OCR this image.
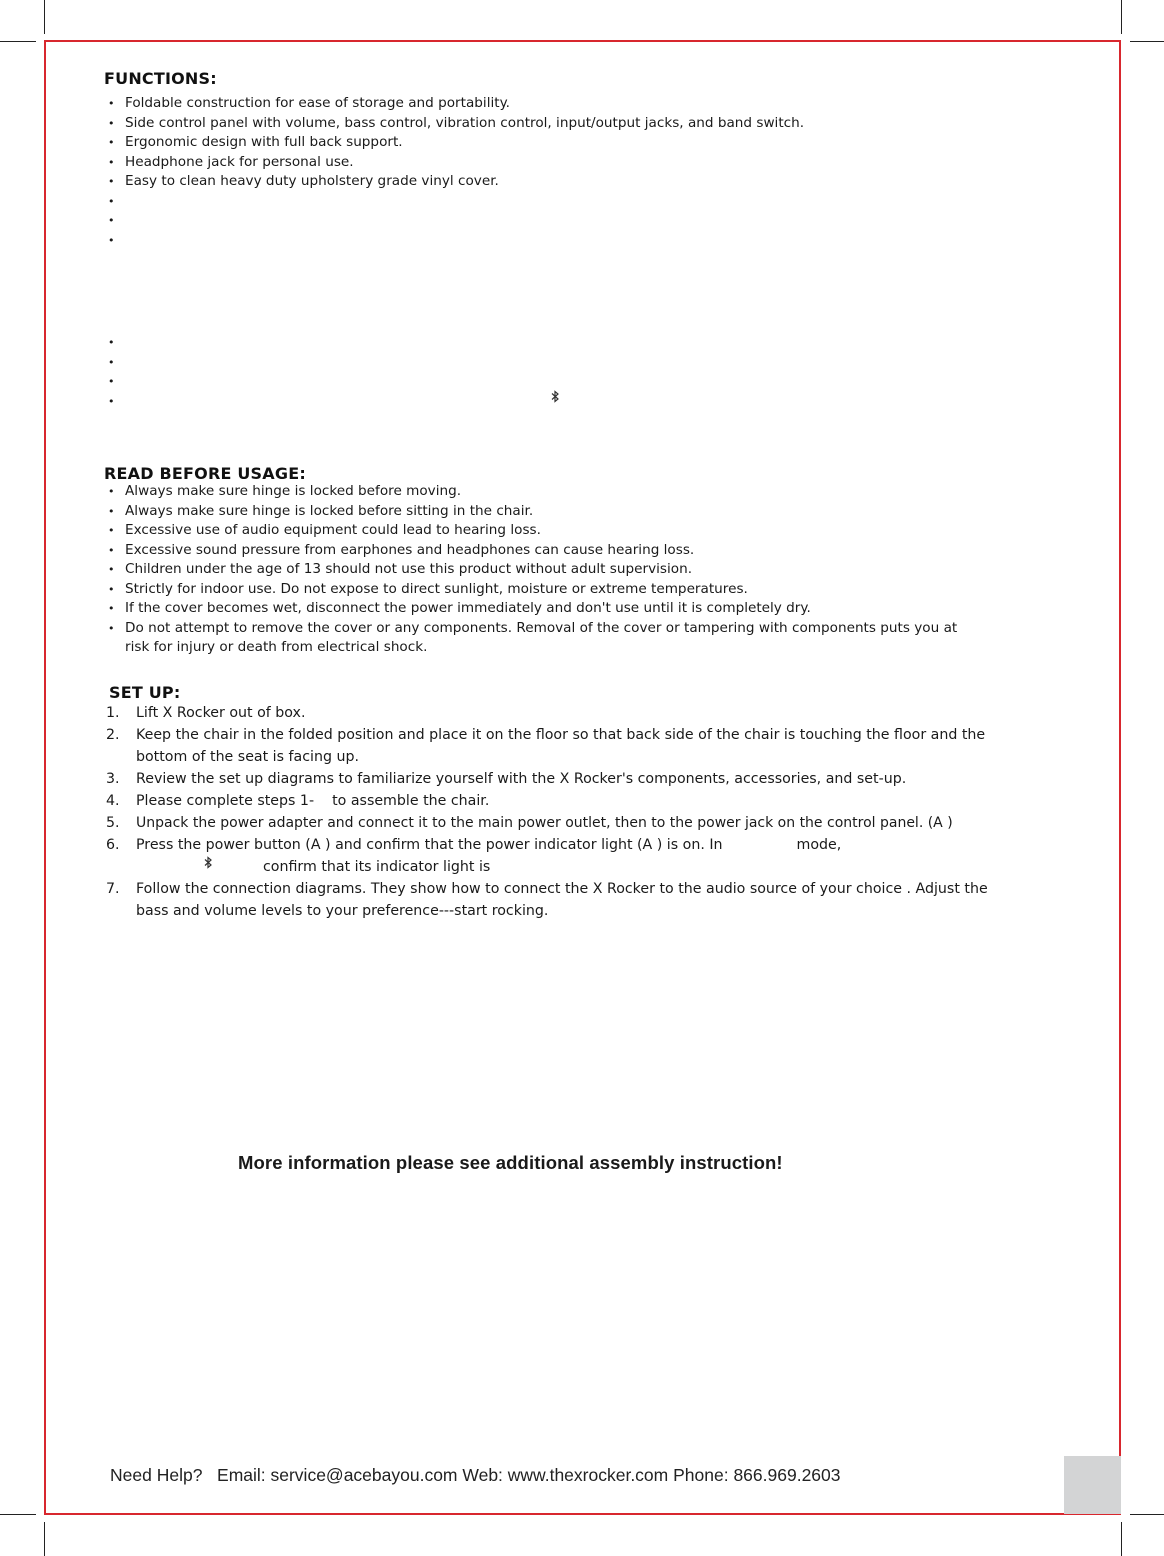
FUNCTIONS:
• Foldable construction for ease of storage and portability.
• Side control panel with volume, bass control, vibration control, input/output jacks, and band switch.
• Ergonomic design with full back support.
• Headphone jack for personal use.
• Easy to clean heavy duty upholstery grade vinyl cover.
•
•
•
•
•
•
•
READ BEFORE USAGE:
• Always make sure hinge is locked before moving.
• Always make sure hinge is locked before sitting in the chair.
• Excessive use of audio equipment could lead to hearing loss.
• Excessive sound pressure from earphones and headphones can cause hearing loss.
• Children under the age of 13 should not use this product without adult supervision.
• Strictly for indoor use. Do not expose to direct sunlight, moisture or extreme temperatures.
• If the cover becomes wet, disconnect the power immediately and don't use until it is completely dry.
• Do not attempt to remove the cover or any components. Removal of the cover or tampering with components puts you at risk for injury or death from electrical shock.
SET UP:
1. Lift X Rocker out of box.
2. Keep the chair in the folded position and place it on the floor so that back side of the chair is touching the floor and the bottom of the seat is facing up.
3. Review the set up diagrams to familiarize yourself with the X Rocker's components, accessories, and set-up.
4. Please complete steps 1-    to assemble the chair.
5. Unpack the power adapter and connect it to the main power outlet, then to the power jack on the control panel. (A )
6. Press the power button (A ) and confirm that the power indicator light (A ) is on. In	mode,
confirm that its indicator light is
7. Follow the connection diagrams. They show how to connect the X Rocker to the audio source of your choice . Adjust the bass and volume levels to your preference---start rocking.
More information please see additional assembly instruction!
Need Help? Email: service@acebayou.com Web: www.thexrocker.com Phone: 866.969.2603
